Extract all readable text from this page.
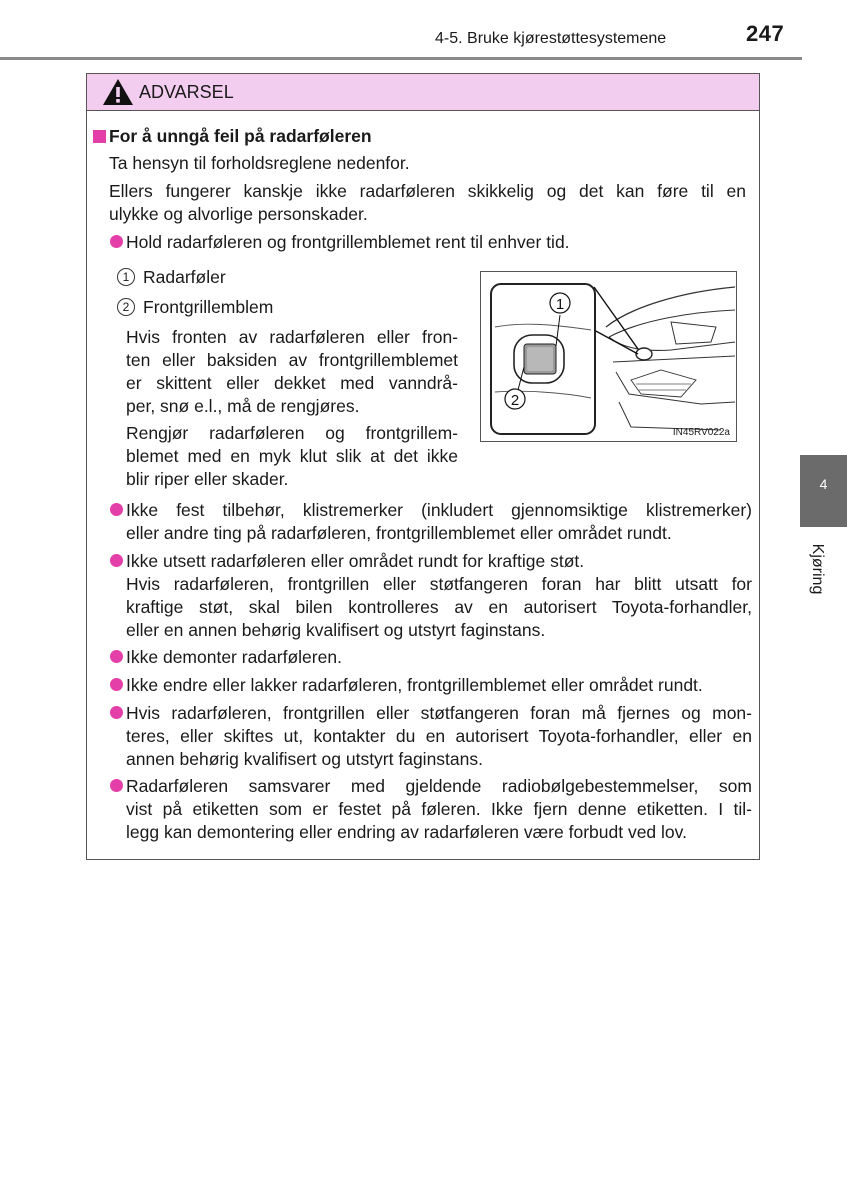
4-5. Bruke kjørestøttesystemene	247
4
Kjøring
ADVARSEL
For å unngå feil på radarføleren
Ta hensyn til forholdsreglene nedenfor.
Ellers fungerer kanskje ikke radarføleren skikkelig og det kan føre til en
ulykke og alvorlige personskader.
Hold radarføleren og frontgrillemblemet rent til enhver tid.
1 Radarføler
2 Frontgrillemblem
Hvis fronten av radarføleren eller fron-
ten eller baksiden av frontgrillemblemet
er skittent eller dekket med vanndrå-
per, snø e.l., må de rengjøres.
Rengjør radarføleren og frontgrillem-
blemet med en myk klut slik at det ikke
blir riper eller skader.
1
2
IN45RV022a
Ikke fest tilbehør, klistremerker (inkludert gjennomsiktige klistremerker)
eller andre ting på radarføleren, frontgrillemblemet eller området rundt.
Ikke utsett radarføleren eller området rundt for kraftige støt.
Hvis radarføleren, frontgrillen eller støtfangeren foran har blitt utsatt for
kraftige støt, skal bilen kontrolleres av en autorisert Toyota-forhandler,
eller en annen behørig kvalifisert og utstyrt faginstans.
Ikke demonter radarføleren.
Ikke endre eller lakker radarføleren, frontgrillemblemet eller området rundt.
Hvis radarføleren, frontgrillen eller støtfangeren foran må fjernes og mon-
teres, eller skiftes ut, kontakter du en autorisert Toyota-forhandler, eller en
annen behørig kvalifisert og utstyrt faginstans.
Radarføleren samsvarer med gjeldende radiobølgebestemmelser, som
vist på etiketten som er festet på føleren. Ikke fjern denne etiketten. I til-
legg kan demontering eller endring av radarføleren være forbudt ved lov.
